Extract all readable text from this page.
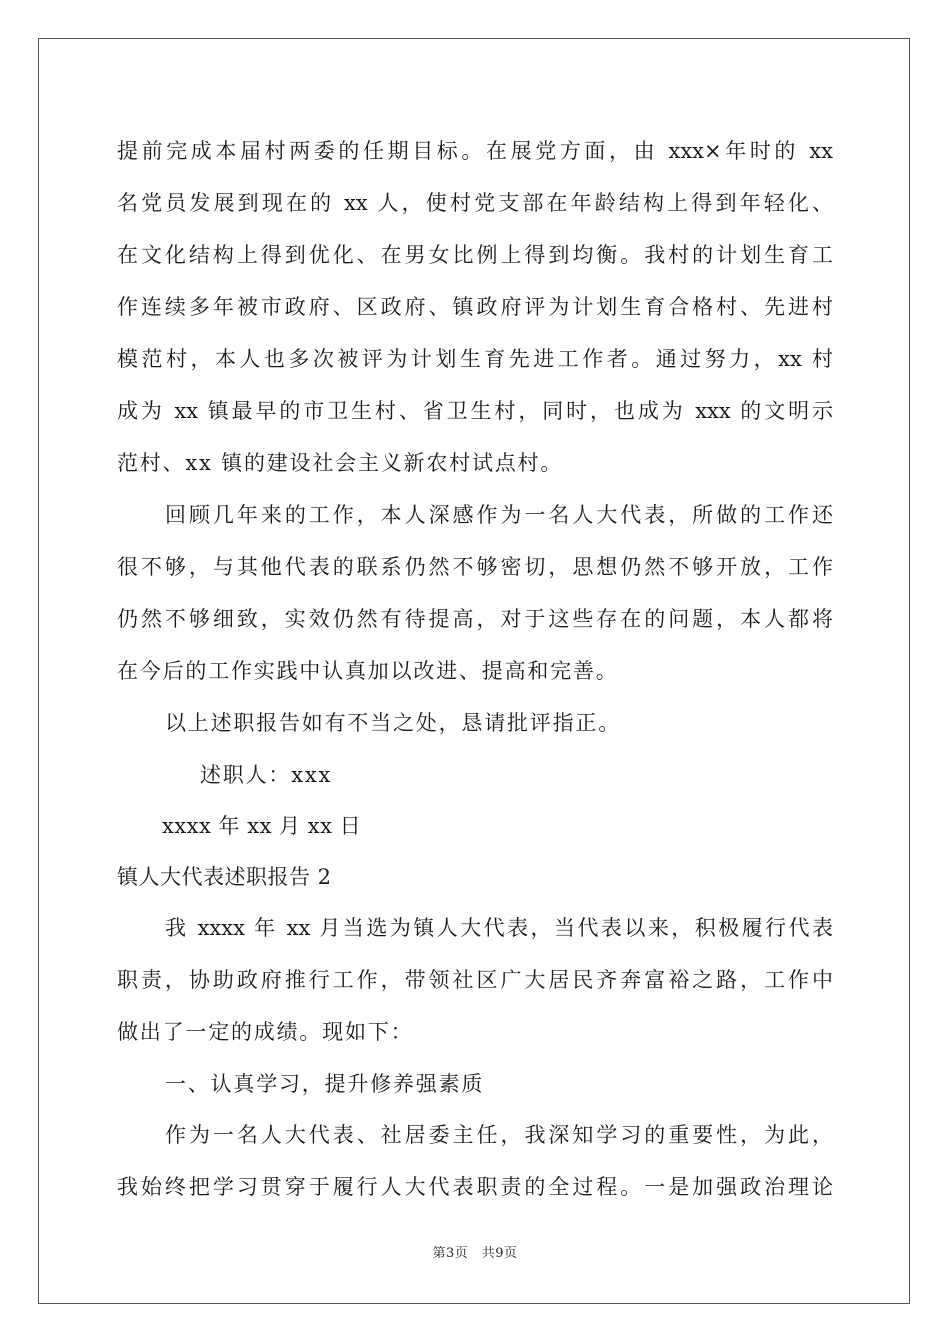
提前完成本届村两委的任期目标。在展党方面，由 xxx×年时的 xx
名党员发展到现在的 xx 人，使村党支部在年龄结构上得到年轻化、
在文化结构上得到优化、在男女比例上得到均衡。我村的计划生育工
作连续多年被市政府、区政府、镇政府评为计划生育合格村、先进村
模范村，本人也多次被评为计划生育先进工作者。通过努力，xx 村
成为 xx 镇最早的市卫生村、省卫生村，同时，也成为 xxx 的文明示
范村、xx 镇的建设社会主义新农村试点村。
回顾几年来的工作，本人深感作为一名人大代表，所做的工作还
很不够，与其他代表的联系仍然不够密切，思想仍然不够开放，工作
仍然不够细致，实效仍然有待提高，对于这些存在的问题，本人都将
在今后的工作实践中认真加以改进、提高和完善。
以上述职报告如有不当之处，恳请批评指正。
述职人：xxx
xxxx 年 xx 月 xx 日
镇人大代表述职报告 2
我 xxxx 年 xx 月当选为镇人大代表，当代表以来，积极履行代表
职责，协助政府推行工作，带领社区广大居民齐奔富裕之路，工作中
做出了一定的成绩。现如下：
一、认真学习，提升修养强素质
作为一名人大代表、社居委主任，我深知学习的重要性，为此，
我始终把学习贯穿于履行人大代表职责的全过程。一是加强政治理论
第3页　共9页
